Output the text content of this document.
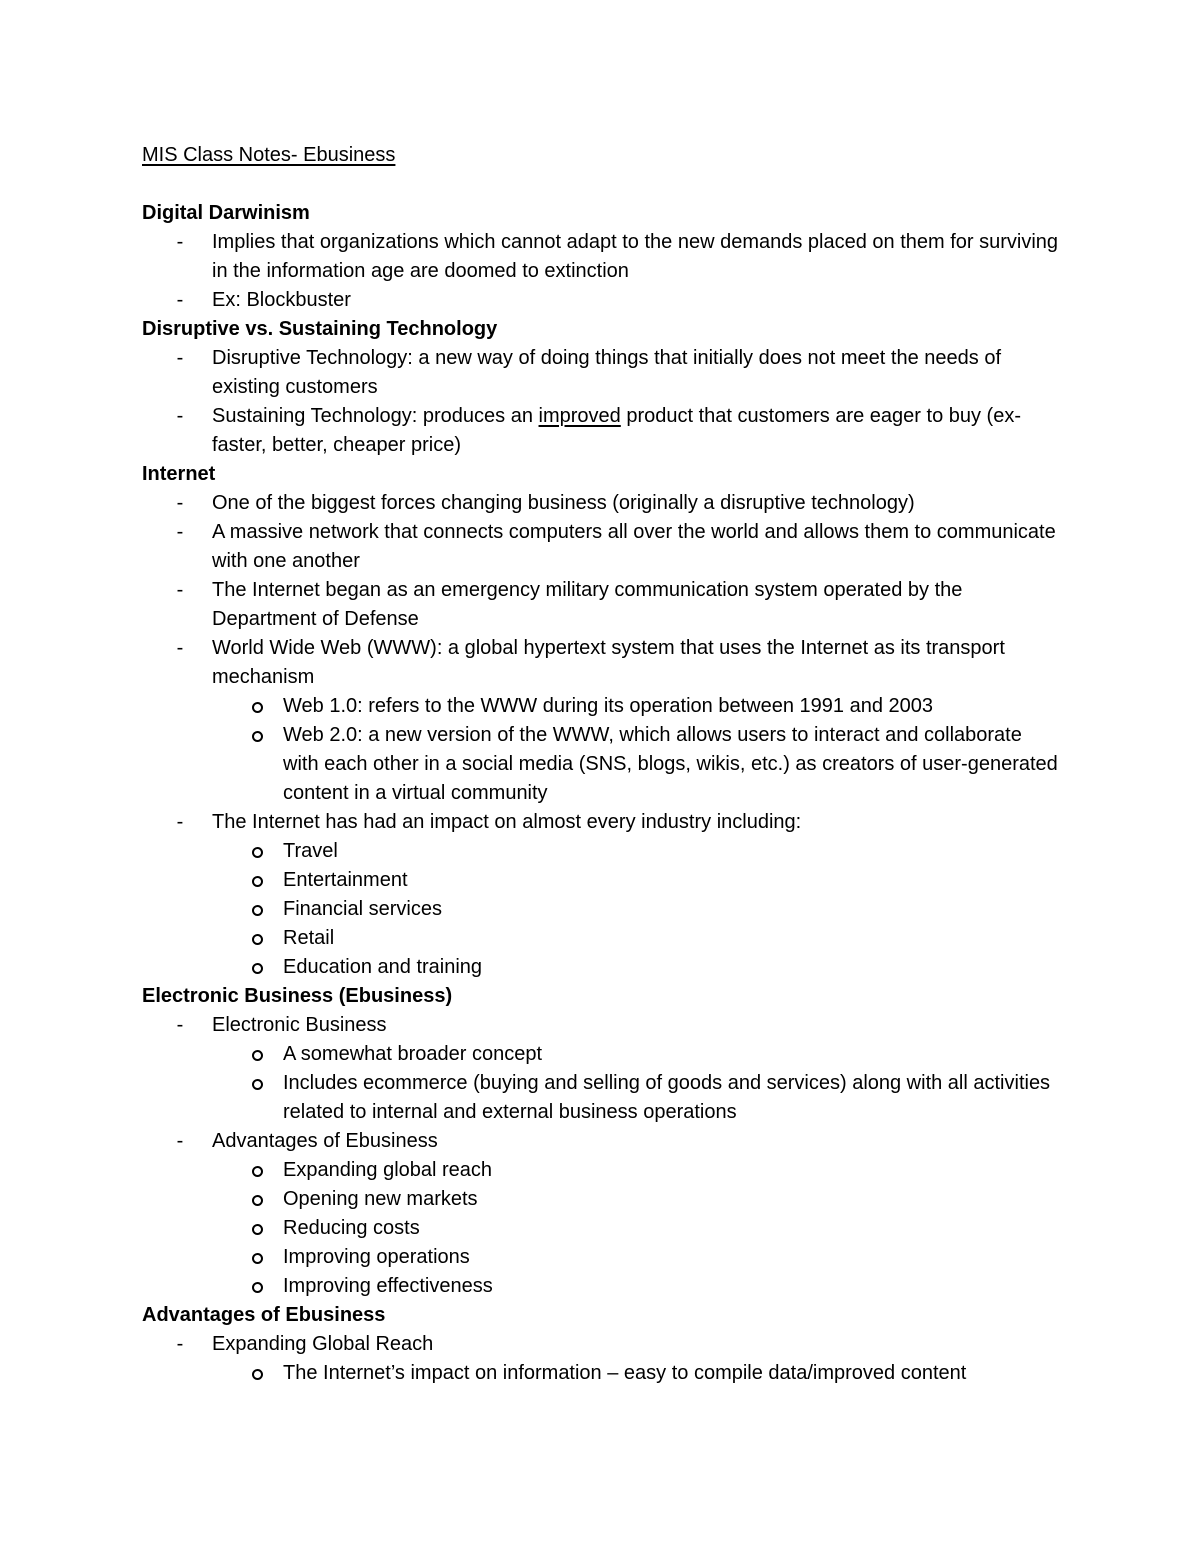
MIS Class Notes- Ebusiness
Digital Darwinism
- Implies that organizations which cannot adapt to the new demands placed on them for surviving in the information age are doomed to extinction
- Ex: Blockbuster
Disruptive vs. Sustaining Technology
- Disruptive Technology: a new way of doing things that initially does not meet the needs of existing customers
- Sustaining Technology: produces an improved product that customers are eager to buy (ex- faster, better, cheaper price)
Internet
- One of the biggest forces changing business (originally a disruptive technology)
- A massive network that connects computers all over the world and allows them to communicate with one another
- The Internet began as an emergency military communication system operated by the Department of Defense
- World Wide Web (WWW): a global hypertext system that uses the Internet as its transport mechanism
Web 1.0: refers to the WWW during its operation between 1991 and 2003
Web 2.0: a new version of the WWW, which allows users to interact and collaborate with each other in a social media (SNS, blogs, wikis, etc.) as creators of user-generated content in a virtual community
- The Internet has had an impact on almost every industry including:
Travel
Entertainment
Financial services
Retail
Education and training
Electronic Business (Ebusiness)
- Electronic Business
A somewhat broader concept
Includes ecommerce (buying and selling of goods and services) along with all activities related to internal and external business operations
- Advantages of Ebusiness
Expanding global reach
Opening new markets
Reducing costs
Improving operations
Improving effectiveness
Advantages of Ebusiness
- Expanding Global Reach
The Internet’s impact on information – easy to compile data/improved content
